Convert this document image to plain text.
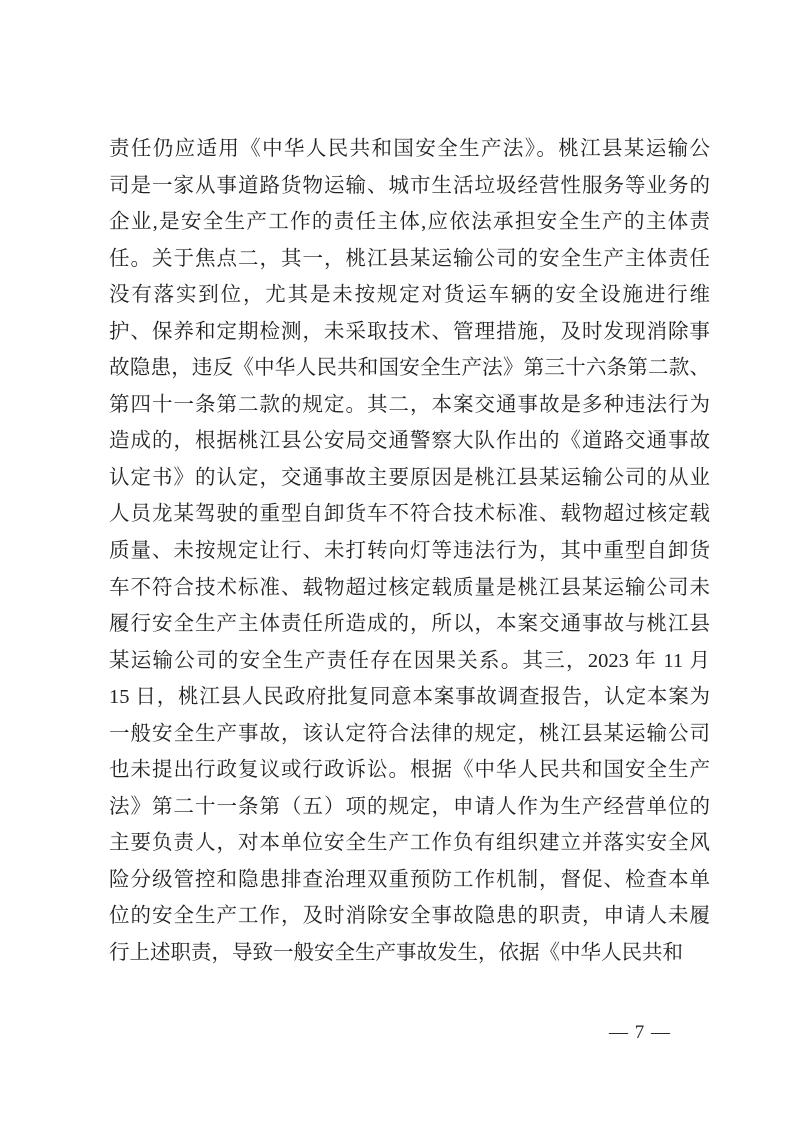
责任仍应适用《中华人民共和国安全生产法》。桃江县某运输公
司是一家从事道路货物运输、城市生活垃圾经营性服务等业务的
企业,是安全生产工作的责任主体,应依法承担安全生产的主体责
任。关于焦点二，其一，桃江县某运输公司的安全生产主体责任
没有落实到位，尤其是未按规定对货运车辆的安全设施进行维
护、保养和定期检测，未采取技术、管理措施，及时发现消除事
故隐患，违反《中华人民共和国安全生产法》第三十六条第二款、
第四十一条第二款的规定。其二，本案交通事故是多种违法行为
造成的，根据桃江县公安局交通警察大队作出的《道路交通事故
认定书》的认定，交通事故主要原因是桃江县某运输公司的从业
人员龙某驾驶的重型自卸货车不符合技术标准、载物超过核定载
质量、未按规定让行、未打转向灯等违法行为，其中重型自卸货
车不符合技术标准、载物超过核定载质量是桃江县某运输公司未
履行安全生产主体责任所造成的，所以，本案交通事故与桃江县
某运输公司的安全生产责任存在因果关系。其三，2023 年 11 月
15 日，桃江县人民政府批复同意本案事故调查报告，认定本案为
一般安全生产事故，该认定符合法律的规定，桃江县某运输公司
也未提出行政复议或行政诉讼。根据《中华人民共和国安全生产
法》第二十一条第（五）项的规定，申请人作为生产经营单位的
主要负责人，对本单位安全生产工作负有组织建立并落实安全风
险分级管控和隐患排查治理双重预防工作机制，督促、检查本单
位的安全生产工作，及时消除安全事故隐患的职责，申请人未履
行上述职责，导致一般安全生产事故发生，依据《中华人民共和
— 7 —
